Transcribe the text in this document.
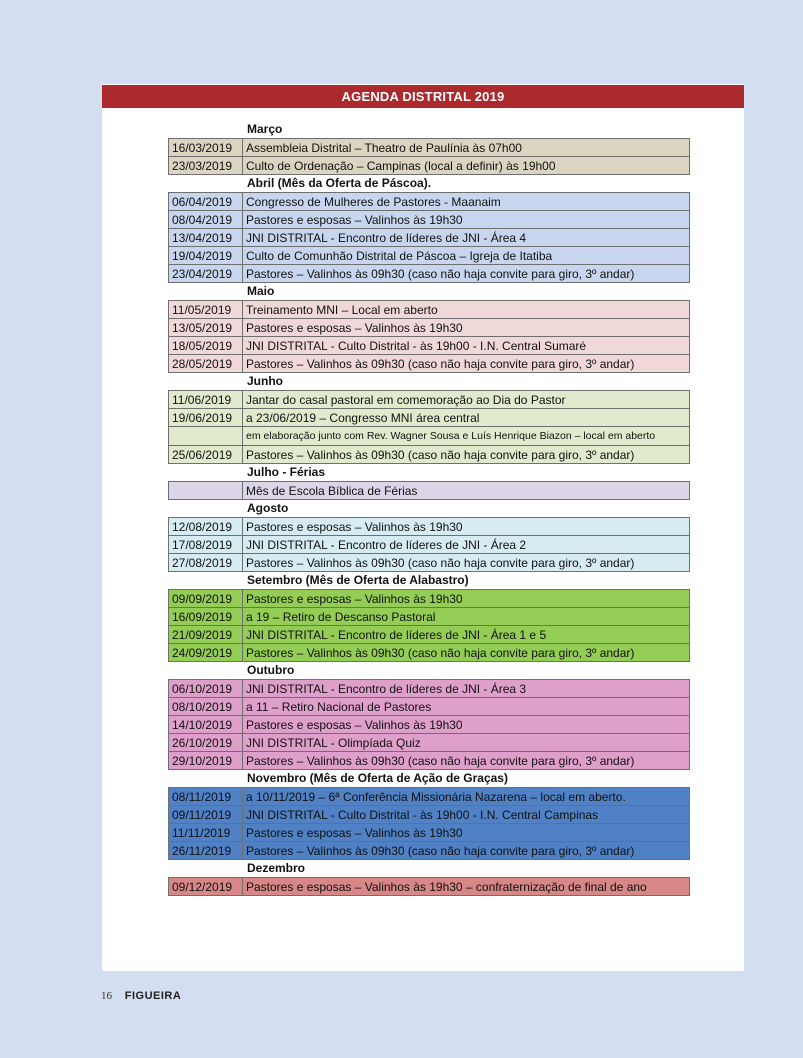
AGENDA DISTRITAL 2019
Março
16/03/2019	Assembleia Distrital – Theatro de Paulínia às 07h00
23/03/2019	Culto de Ordenação – Campinas (local a definir) às 19h00
Abril (Mês da Oferta de Páscoa).
06/04/2019	Congresso de Mulheres de Pastores - Maanaim
08/04/2019	Pastores e esposas – Valinhos às 19h30
13/04/2019	JNI DISTRITAL - Encontro de líderes de JNI - Área 4
19/04/2019	Culto de Comunhão Distrital de Páscoa – Igreja de Itatiba
23/04/2019	Pastores – Valinhos às 09h30 (caso não haja convite para giro, 3º andar)
Maio
11/05/2019	Treinamento MNI – Local em aberto
13/05/2019	Pastores e esposas – Valinhos às 19h30
18/05/2019	JNI DISTRITAL - Culto Distrital - às 19h00 - I.N. Central Sumaré
28/05/2019	Pastores – Valinhos às 09h30 (caso não haja convite para giro, 3º andar)
Junho
11/06/2019	Jantar do casal pastoral em comemoração ao Dia do Pastor
19/06/2019	a 23/06/2019 – Congresso MNI área central
em elaboração junto com Rev. Wagner Sousa e Luís Henrique Biazon – local em aberto
25/06/2019	Pastores – Valinhos às 09h30 (caso não haja convite para giro, 3º andar)
Julho - Férias
Mês de Escola Bíblica de Férias
Agosto
12/08/2019	Pastores e esposas – Valinhos às 19h30
17/08/2019	JNI DISTRITAL - Encontro de líderes de JNI - Área 2
27/08/2019	Pastores – Valinhos às 09h30 (caso não haja convite para giro, 3º andar)
Setembro (Mês de Oferta de Alabastro)
09/09/2019	Pastores e esposas – Valinhos às 19h30
16/09/2019	a 19 – Retiro de Descanso Pastoral
21/09/2019	JNI DISTRITAL - Encontro de líderes de JNI - Área 1 e 5
24/09/2019	Pastores – Valinhos às 09h30 (caso não haja convite para giro, 3º andar)
Outubro
06/10/2019	JNI DISTRITAL - Encontro de líderes de JNI - Área 3
08/10/2019	a 11 – Retiro Nacional de Pastores
14/10/2019	Pastores e esposas – Valinhos às 19h30
26/10/2019	JNI DISTRITAL - Olimpíada Quiz
29/10/2019	Pastores – Valinhos às 09h30 (caso não haja convite para giro, 3º andar)
Novembro (Mês de Oferta de Ação de Graças)
08/11/2019	a 10/11/2019 – 6ª Conferência Missionária Nazarena – local em aberto.
09/11/2019	JNI DISTRITAL - Culto Distrital - às 19h00 - I.N. Central Campinas
11/11/2019	Pastores e esposas – Valinhos às 19h30
26/11/2019	Pastores – Valinhos às 09h30 (caso não haja convite para giro, 3º andar)
Dezembro
09/12/2019	Pastores e esposas – Valinhos às 19h30 – confraternização de final de ano
16 FIGUEIRA
